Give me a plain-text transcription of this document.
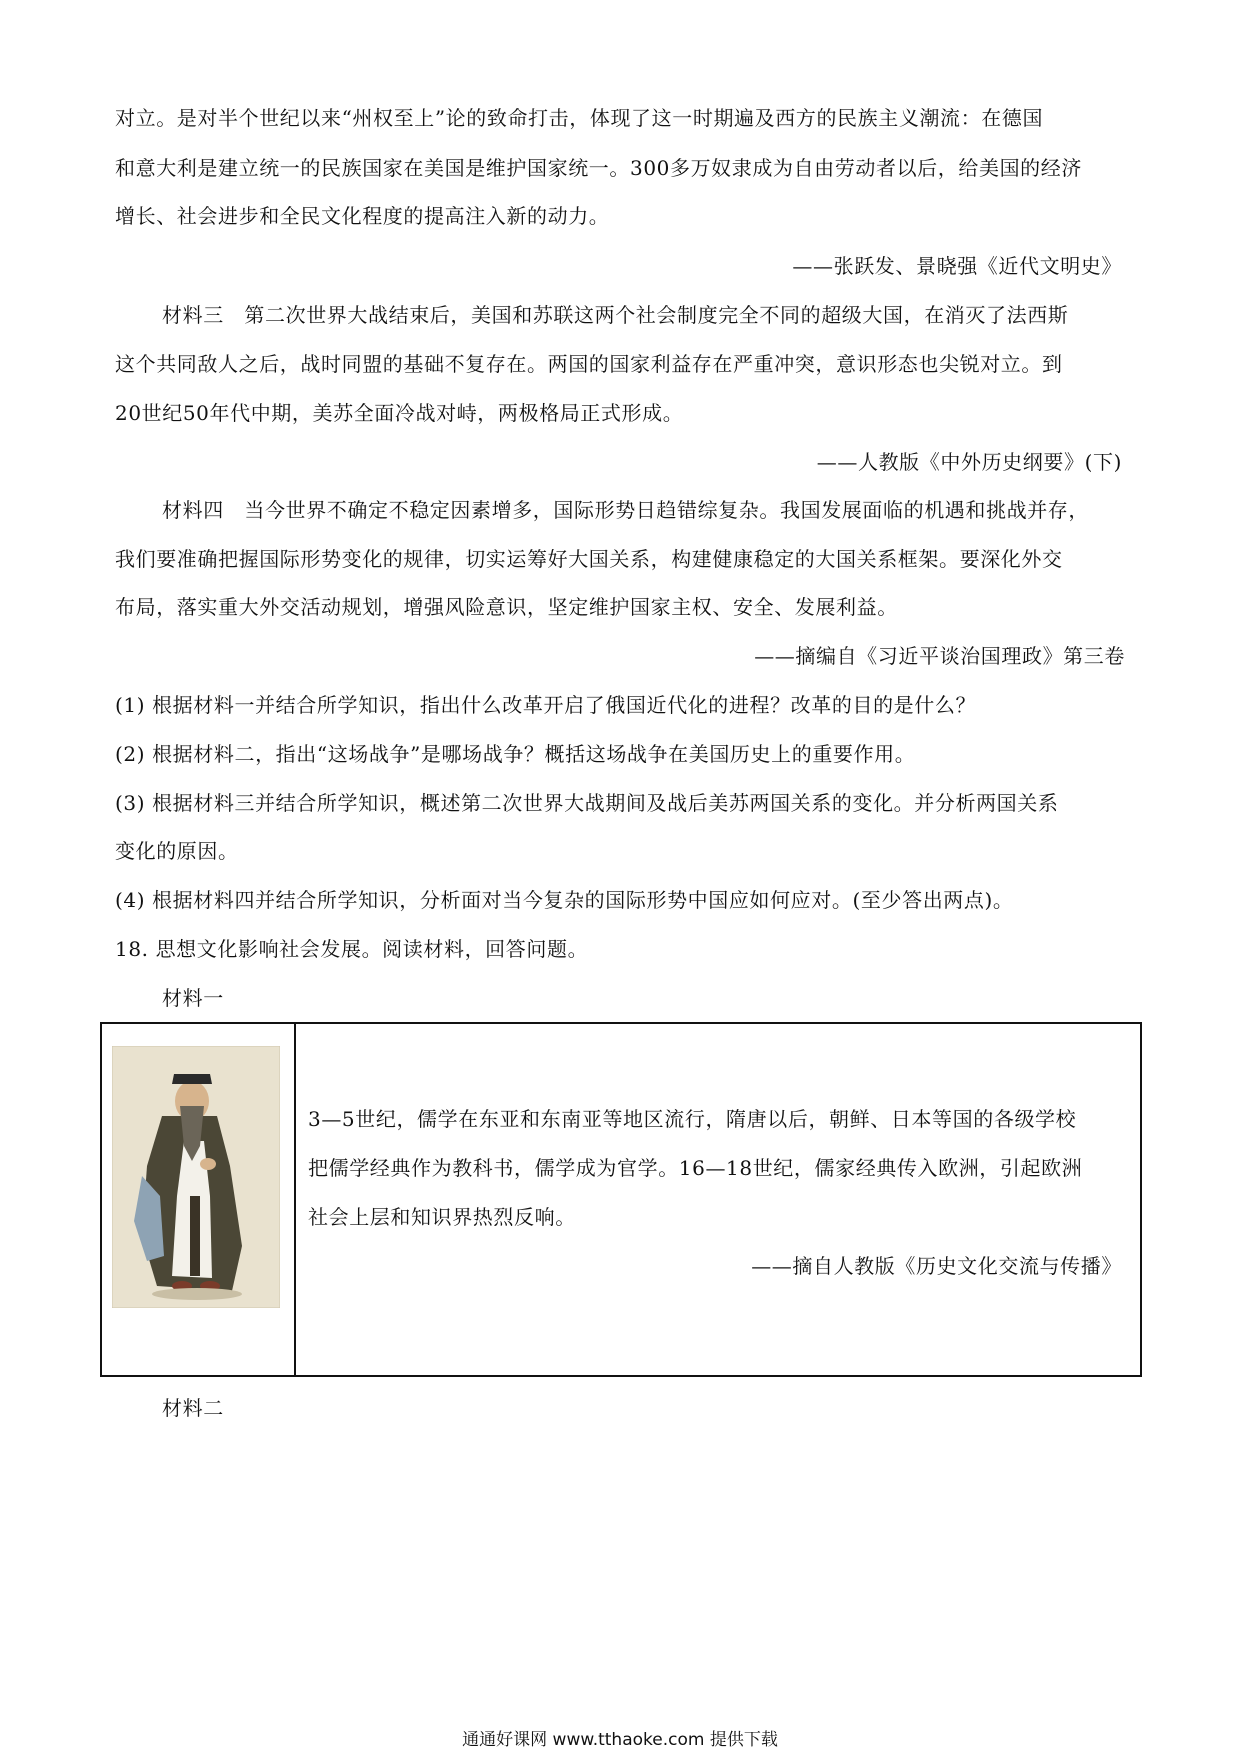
对立。是对半个世纪以来“州权至上”论的致命打击，体现了这一时期遍及西方的民族主义潮流：在德国
和意大利是建立统一的民族国家在美国是维护国家统一。300多万奴隶成为自由劳动者以后，给美国的经济
增长、社会进步和全民文化程度的提高注入新的动力。
——张跃发、景晓强《近代文明史》
材料三　第二次世界大战结束后，美国和苏联这两个社会制度完全不同的超级大国，在消灭了法西斯
这个共同敌人之后，战时同盟的基础不复存在。两国的国家利益存在严重冲突，意识形态也尖锐对立。到
20世纪50年代中期，美苏全面冷战对峙，两极格局正式形成。
——人教版《中外历史纲要》(下)
材料四　当今世界不确定不稳定因素增多，国际形势日趋错综复杂。我国发展面临的机遇和挑战并存，
我们要准确把握国际形势变化的规律，切实运筹好大国关系，构建健康稳定的大国关系框架。要深化外交
布局，落实重大外交活动规划，增强风险意识，坚定维护国家主权、安全、发展利益。
——摘编自《习近平谈治国理政》第三卷
(1) 根据材料一并结合所学知识，指出什么改革开启了俄国近代化的进程？改革的目的是什么？
(2) 根据材料二，指出“这场战争”是哪场战争？概括这场战争在美国历史上的重要作用。
(3) 根据材料三并结合所学知识，概述第二次世界大战期间及战后美苏两国关系的变化。并分析两国关系
变化的原因。
(4) 根据材料四并结合所学知识，分析面对当今复杂的国际形势中国应如何应对。(至少答出两点)。
18. 思想文化影响社会发展。阅读材料，回答问题。
材料一
3—5世纪，儒学在东亚和东南亚等地区流行，隋唐以后，朝鲜、日本等国的各级学校
把儒学经典作为教科书，儒学成为官学。16—18世纪，儒家经典传入欧洲，引起欧洲
社会上层和知识界热烈反响。
——摘自人教版《历史文化交流与传播》
材料二
通通好课网 www.tthaoke.com 提供下载
